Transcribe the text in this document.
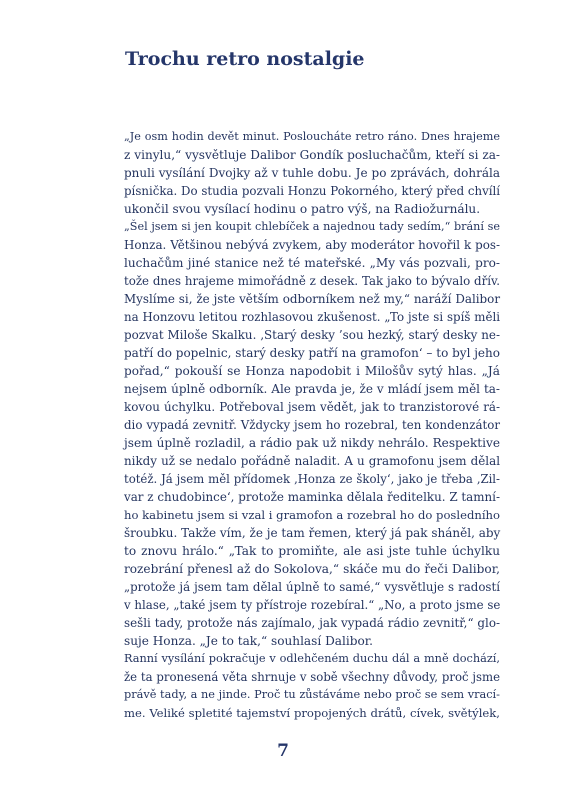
Trochu retro nostalgie
„Je osm hodin devět minut. Posloucháte retro ráno. Dnes hrajeme
z vinylu,“ vysvětluje Dalibor Gondík posluchačům, kteří si za-
pnuli vysílání Dvojky až v tuhle dobu. Je po zprávách, dohrála
písnička. Do studia pozvali Honzu Pokorného, který před chvílí
ukončil svou vysílací hodinu o patro výš, na Radiožurnálu.
„Šel jsem si jen koupit chlebíček a najednou tady sedím,“ brání se
Honza. Většinou nebývá zvykem, aby moderátor hovořil k pos-
luchačům jiné stanice než té mateřské. „My vás pozvali, pro-
tože dnes hrajeme mimořádně z desek. Tak jako to bývalo dřív.
Myslíme si, že jste větším odborníkem než my,“ naráží Dalibor
na Honzovu letitou rozhlasovou zkušenost. „To jste si spíš měli
pozvat Miloše Skalku. ‚Starý desky ’sou hezký, starý desky ne-
patří do popelnic, starý desky patří na gramofon‘ – to byl jeho
pořad,“ pokouší se Honza napodobit i Milošův sytý hlas. „Já
nejsem úplně odborník. Ale pravda je, že v mládí jsem měl ta-
kovou úchylku. Potřeboval jsem vědět, jak to tranzistorové rá-
dio vypadá zevnitř. Vždycky jsem ho rozebral, ten kondenzátor
jsem úplně rozladil, a rádio pak už nikdy nehrálo. Respektive
nikdy už se nedalo pořádně naladit. A u gramofonu jsem dělal
totéž. Já jsem měl přídomek ‚Honza ze školy‘, jako je třeba ‚Zil-
var z chudobince‘, protože maminka dělala ředitelku. Z tamní-
ho kabinetu jsem si vzal i gramofon a rozebral ho do posledního
šroubku. Takže vím, že je tam řemen, který já pak sháněl, aby
to znovu hrálo.“ „Tak to promiňte, ale asi jste tuhle úchylku
rozebrání přenesl až do Sokolova,“ skáče mu do řeči Dalibor,
„protože já jsem tam dělal úplně to samé,“ vysvětluje s radostí
v hlase, „také jsem ty přístroje rozebíral.“ „No, a proto jsme se
sešli tady, protože nás zajímalo, jak vypadá rádio zevnitř,“ glo-
suje Honza. „Je to tak,“ souhlasí Dalibor.
Ranní vysílání pokračuje v odlehčeném duchu dál a mně dochází,
že ta pronesená věta shrnuje v sobě všechny důvody, proč jsme
právě tady, a ne jinde. Proč tu zůstáváme nebo proč se sem vrací-
me. Veliké spletité tajemství propojených drátů, cívek, světýlek,
7
